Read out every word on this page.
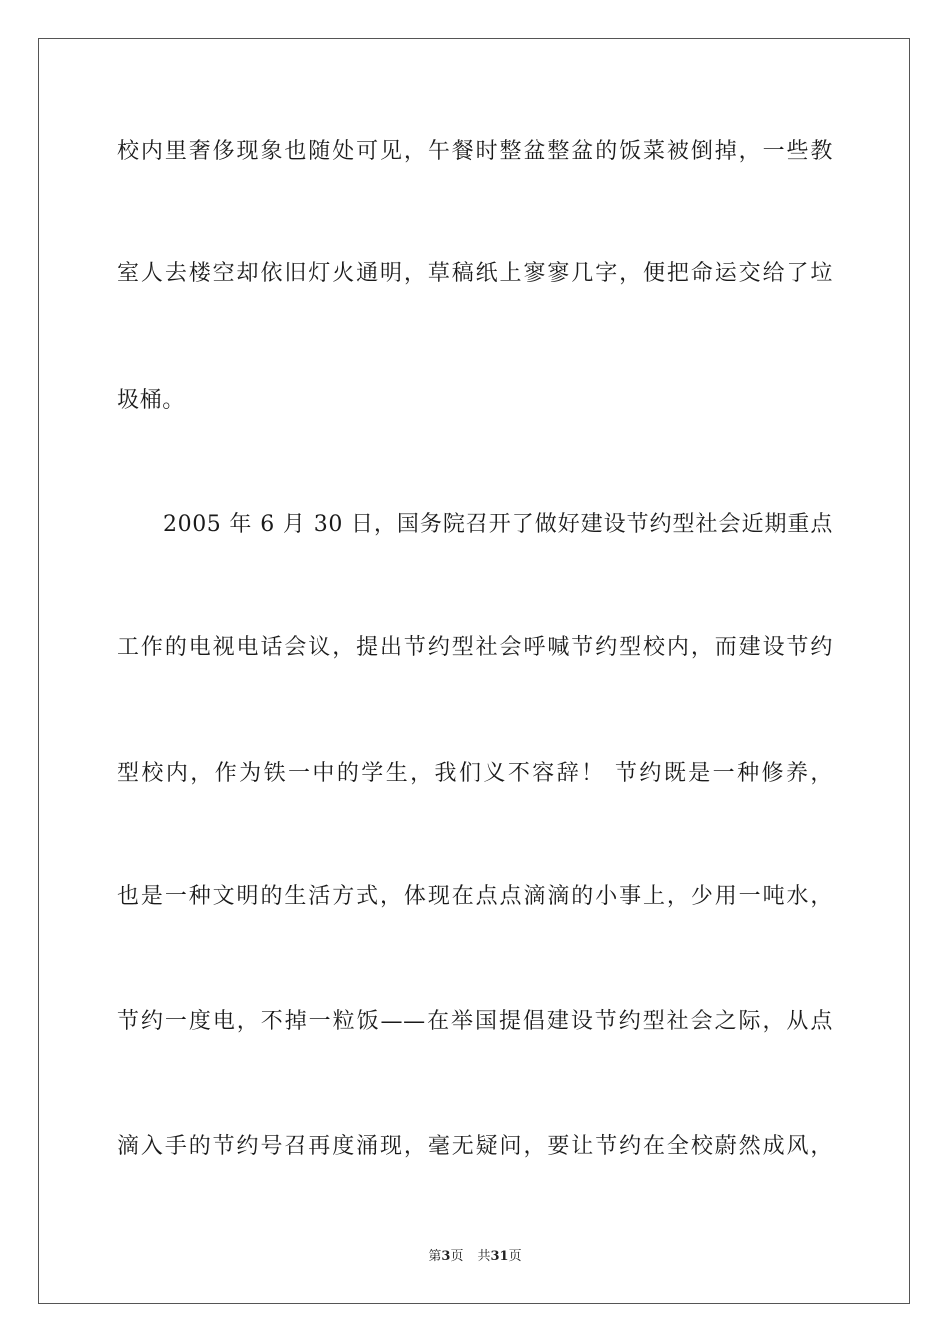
校内里奢侈现象也随处可见，午餐时整盆整盆的饭菜被倒掉，一些教
室人去楼空却依旧灯火通明，草稿纸上寥寥几字，便把命运交给了垃
圾桶。
2005 年 6 月 30 日，国务院召开了做好建设节约型社会近期重点
工作的电视电话会议，提出节约型社会呼喊节约型校内，而建设节约
型校内，作为铁一中的学生，我们义不容辞！ 节约既是一种修养，
也是一种文明的生活方式，体现在点点滴滴的小事上，少用一吨水，
节约一度电，不掉一粒饭——在举国提倡建设节约型社会之际，从点
滴入手的节约号召再度涌现，毫无疑问，要让节约在全校蔚然成风，
第3页 共31页
